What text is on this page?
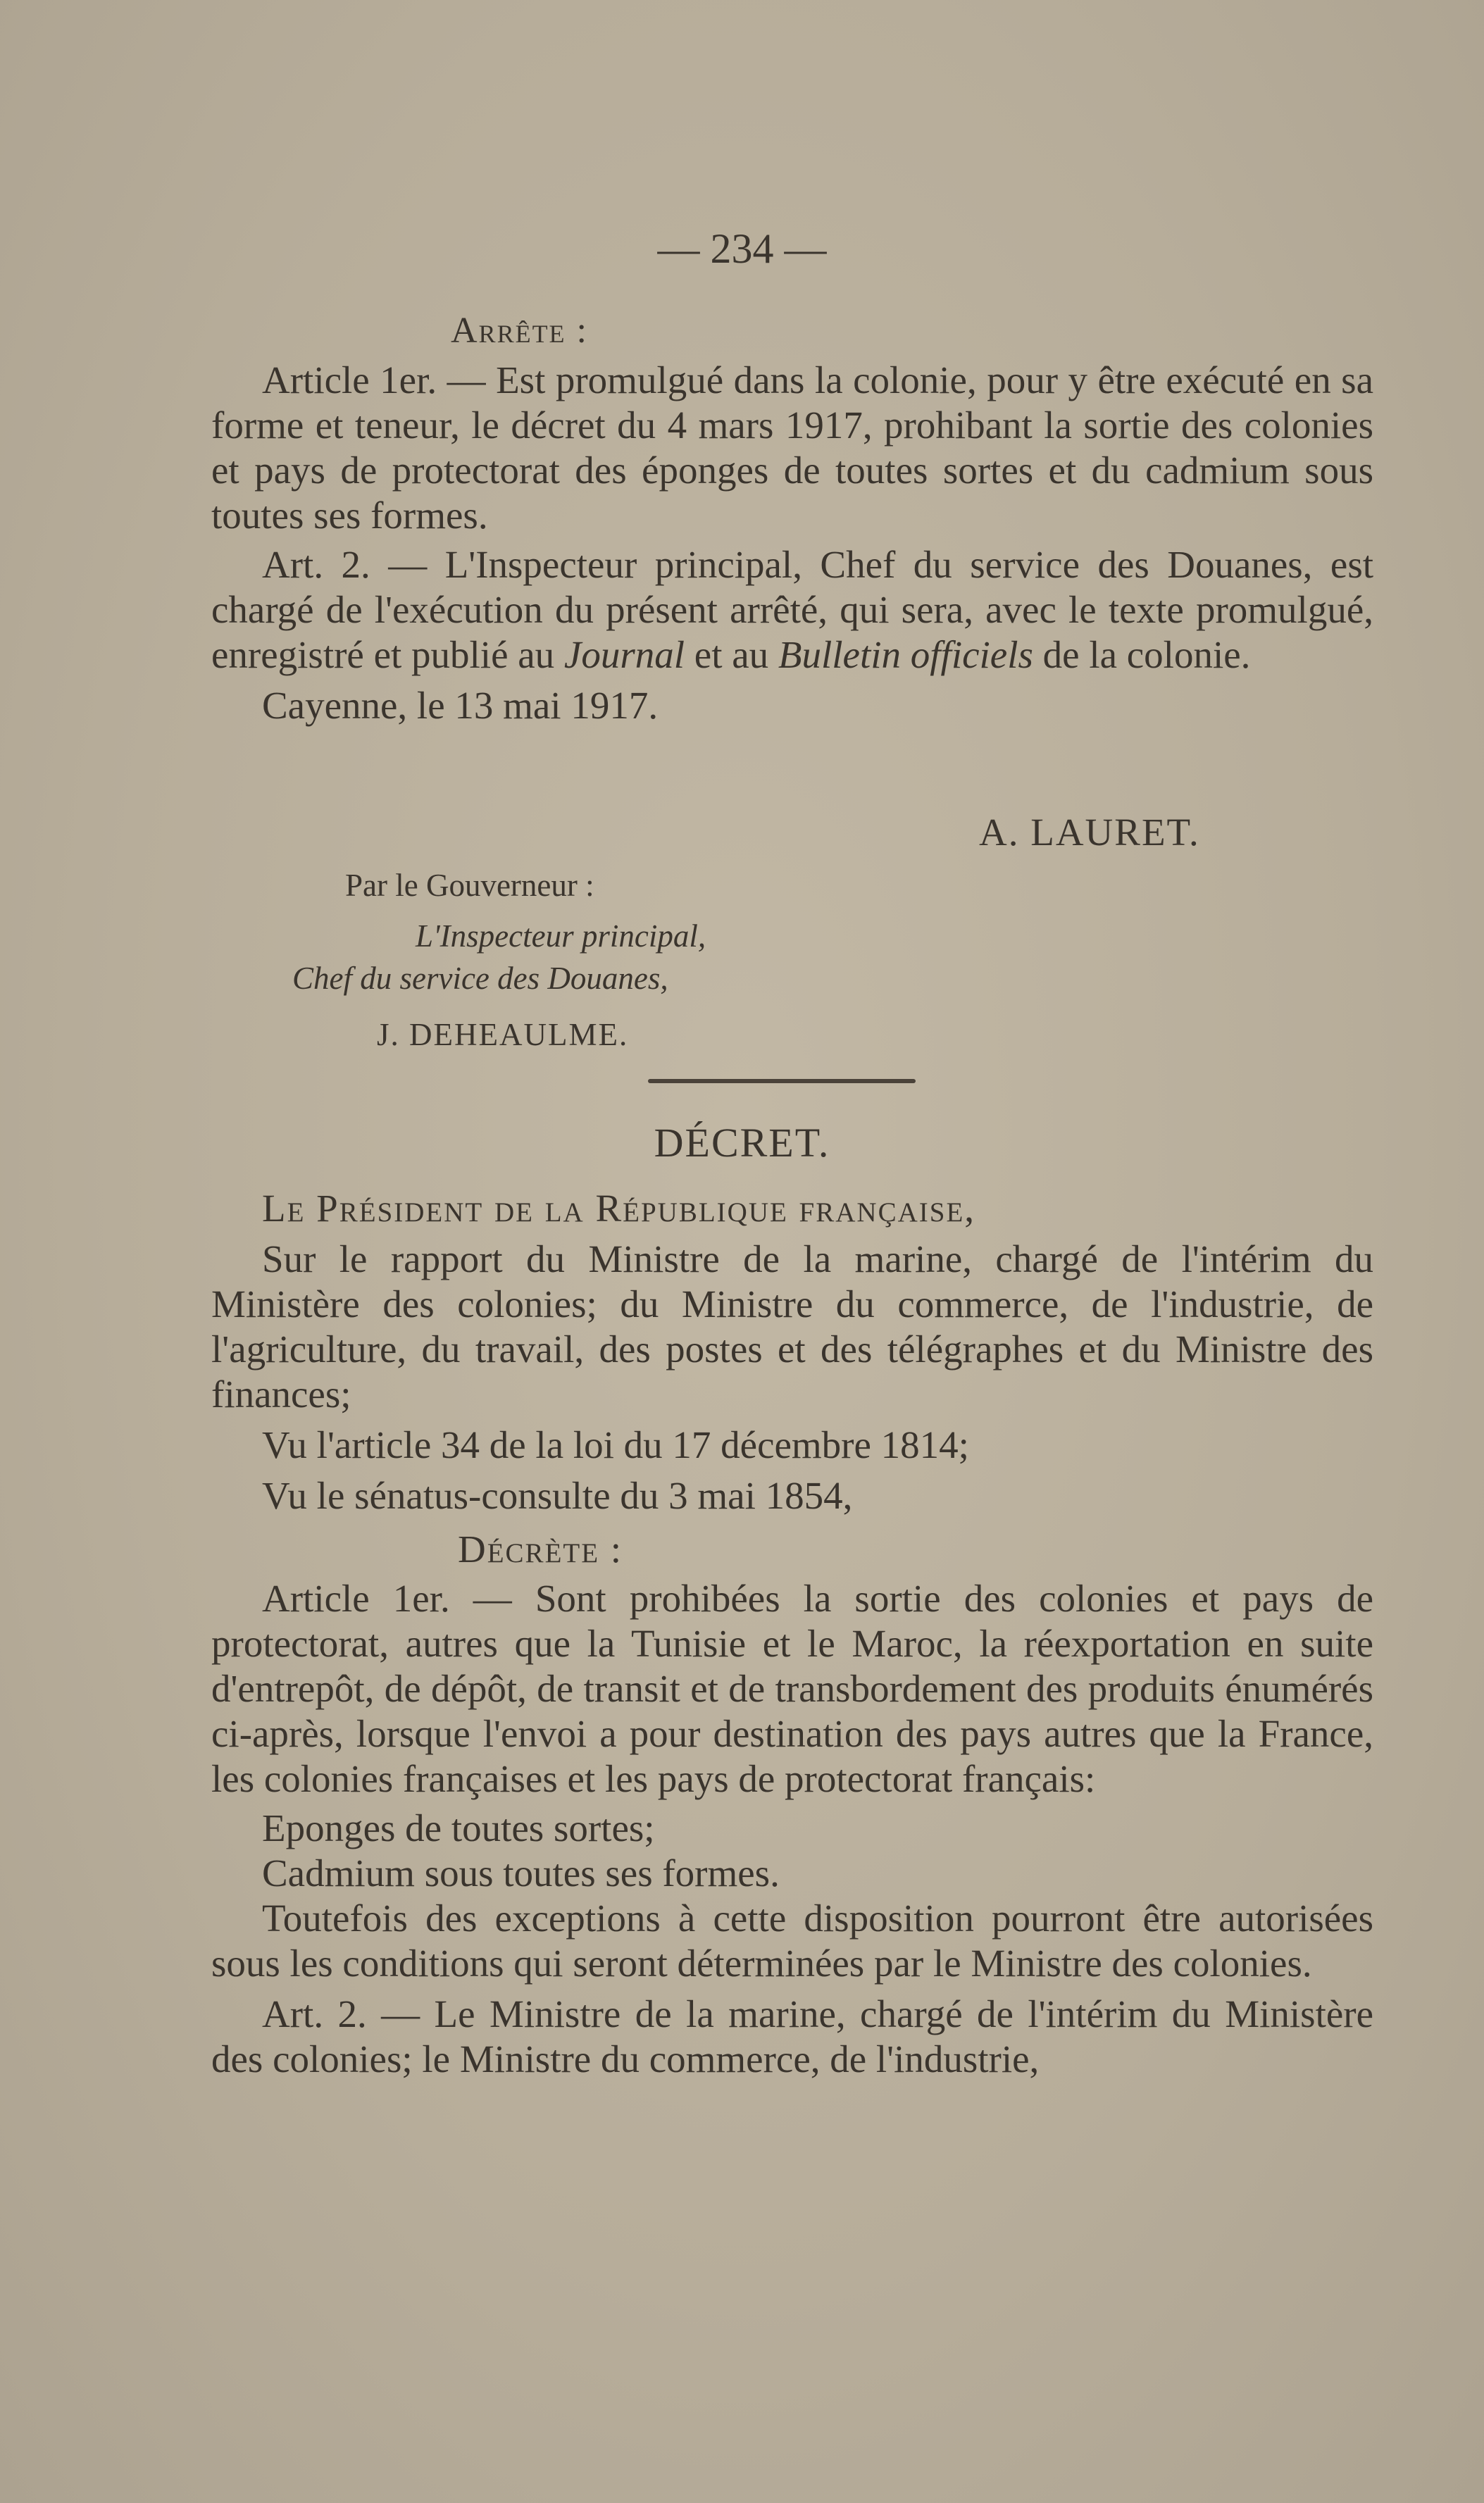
— 234 —
Arrête :

Article 1er. — Est promulgué dans la colonie, pour y être exécuté en sa forme et teneur, le décret du 4 mars 1917, prohibant la sortie des colonies et pays de protectorat des éponges de toutes sortes et du cadmium sous toutes ses formes.

Art. 2. — L'Inspecteur principal, Chef du service des Douanes, est chargé de l'exécution du présent arrêté, qui sera, avec le texte promulgué, enregistré et publié au Journal et au Bulletin officiels de la colonie.

Cayenne, le 13 mai 1917.

A. LAURET.
Par le Gouverneur :
L'Inspecteur principal,
Chef du service des Douanes,
J. DEHEAULME.
DÉCRET.

Le Président de la République française,

Sur le rapport du Ministre de la marine, chargé de l'intérim du Ministère des colonies; du Ministre du commerce, de l'industrie, de l'agriculture, du travail, des postes et des télégraphes et du Ministre des finances;

Vu l'article 34 de la loi du 17 décembre 1814;

Vu le sénatus-consulte du 3 mai 1854,

Décrète :

Article 1er. — Sont prohibées la sortie des colonies et pays de protectorat, autres que la Tunisie et le Maroc, la réexportation en suite d'entrepôt, de dépôt, de transit et de transbordement des produits énumérés ci-après, lorsque l'envoi a pour destination des pays autres que la France, les colonies françaises et les pays de protectorat français:

Eponges de toutes sortes;

Cadmium sous toutes ses formes.

Toutefois des exceptions à cette disposition pourront être autorisées sous les conditions qui seront déterminées par le Ministre des colonies.

Art. 2. — Le Ministre de la marine, chargé de l'intérim du Ministère des colonies; le Ministre du commerce, de l'industrie,
